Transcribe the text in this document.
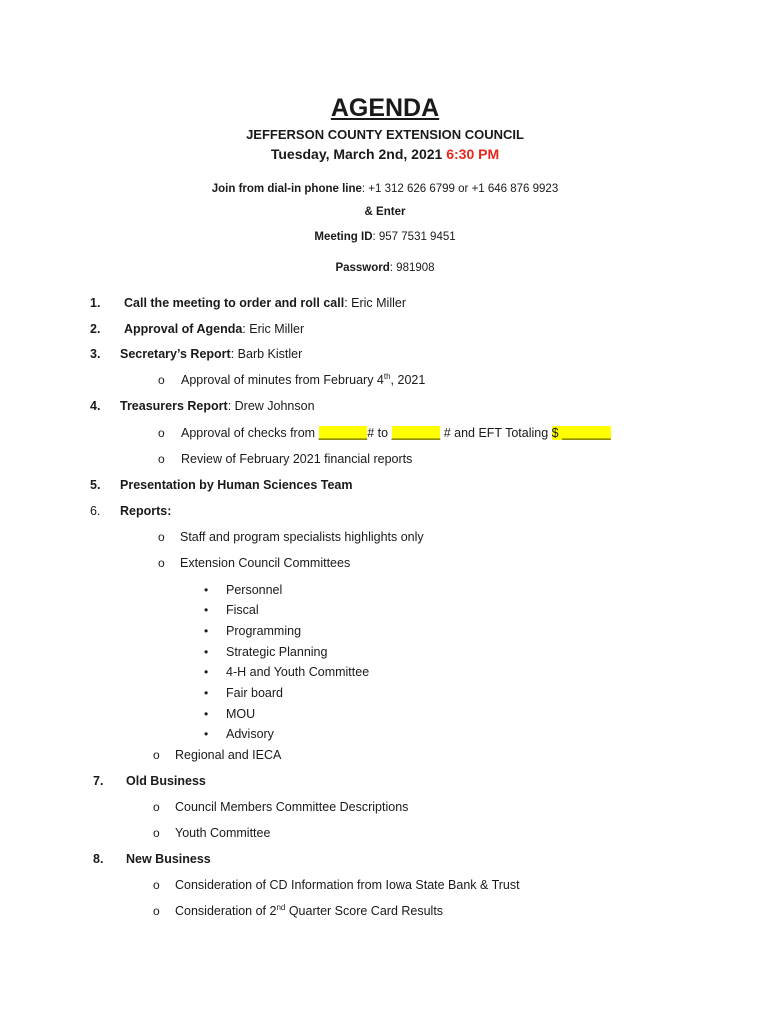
AGENDA
JEFFERSON COUNTY EXTENSION COUNCIL
Tuesday, March 2nd, 2021 6:30 PM
Join from dial-in phone line: +1 312 626 6799 or +1 646 876 9923
& Enter
Meeting ID: 957 7531 9451
Password: 981908
1. Call the meeting to order and roll call: Eric Miller
2. Approval of Agenda: Eric Miller
3. Secretary’s Report: Barb Kistler
o Approval of minutes from February 4th, 2021
4. Treasurers Report: Drew Johnson
o Approval of checks from _______# to _______ # and EFT Totaling $ _______
o Review of February 2021 financial reports
5. Presentation by Human Sciences Team
6. Reports:
o Staff and program specialists highlights only
o Extension Council Committees
• Personnel
• Fiscal
• Programming
• Strategic Planning
• 4-H and Youth Committee
• Fair board
• MOU
• Advisory
o Regional and IECA
7. Old Business
o Council Members Committee Descriptions
o Youth Committee
8. New Business
o Consideration of CD Information from Iowa State Bank & Trust
o Consideration of 2nd Quarter Score Card Results
